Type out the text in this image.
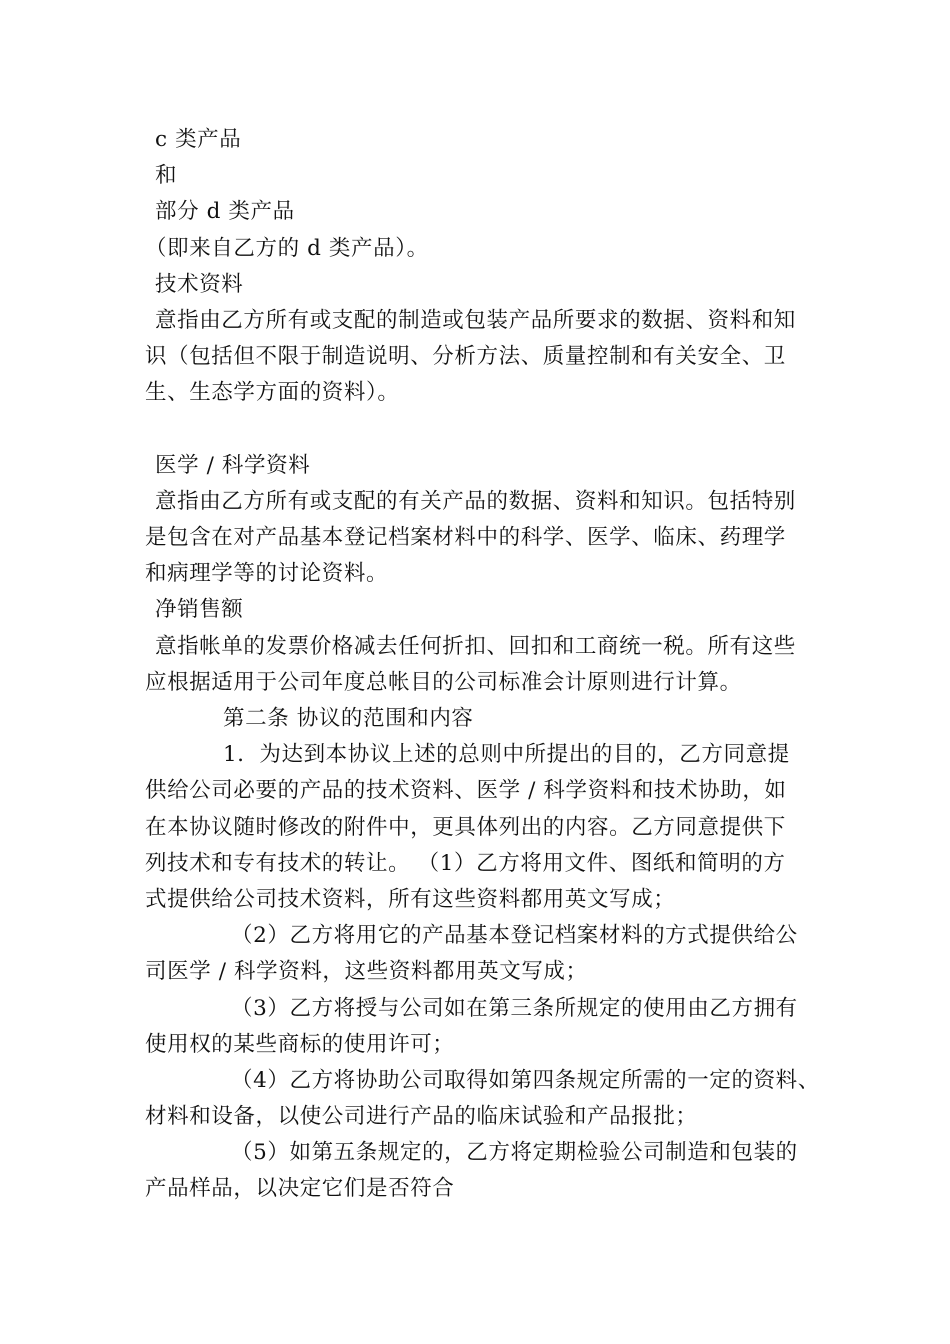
c 类产品
和
部分 d 类产品
（即来自乙方的 d 类产品）。
技术资料
意指由乙方所有或支配的制造或包装产品所要求的数据、资料和知
识（包括但不限于制造说明、分析方法、质量控制和有关安全、卫
生、生态学方面的资料）。
医学 / 科学资料
意指由乙方所有或支配的有关产品的数据、资料和知识。包括特别
是包含在对产品基本登记档案材料中的科学、医学、临床、药理学
和病理学等的讨论资料。
净销售额
意指帐单的发票价格减去任何折扣、回扣和工商统一税。所有这些
应根据适用于公司年度总帐目的公司标准会计原则进行计算。
第二条 协议的范围和内容
1．为达到本协议上述的总则中所提出的目的，乙方同意提
供给公司必要的产品的技术资料、医学 / 科学资料和技术协助，如
在本协议随时修改的附件中，更具体列出的内容。乙方同意提供下
列技术和专有技术的转让。 （1）乙方将用文件、图纸和简明的方
式提供给公司技术资料，所有这些资料都用英文写成；
（2）乙方将用它的产品基本登记档案材料的方式提供给公
司医学 / 科学资料，这些资料都用英文写成；
（3）乙方将授与公司如在第三条所规定的使用由乙方拥有
使用权的某些商标的使用许可；
（4）乙方将协助公司取得如第四条规定所需的一定的资料、
材料和设备，以使公司进行产品的临床试验和产品报批；
（5）如第五条规定的，乙方将定期检验公司制造和包装的
产品样品，以决定它们是否符合
